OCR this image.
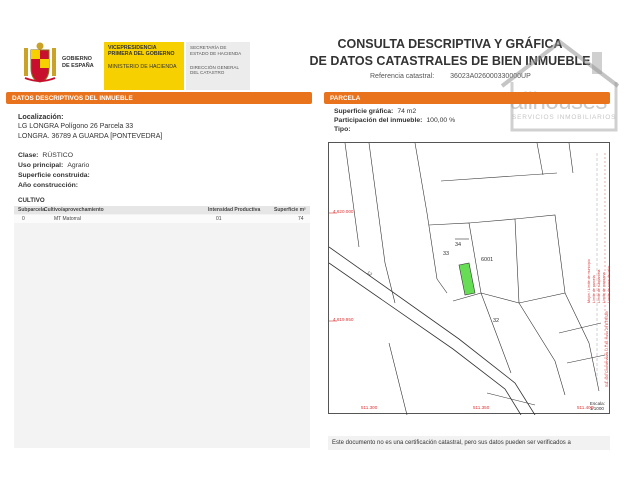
GOBIERNO DE ESPAÑA
VICEPRESIDENCIA PRIMERA DEL GOBIERNO
MINISTERIO DE HACIENDA
SECRETARÍA DE ESTADO DE HACIENDA
DIRECCIÓN GENERAL DEL CATASTRO
CONSULTA DESCRIPTIVA Y GRÁFICA
DE DATOS CATASTRALES DE BIEN INMUEBLE
Referencia catastral: 36023A026000330000UP
SERVICIOS INMOBILIARIOS
DATOS DESCRIPTIVOS DEL INMUEBLE	PARCELA
Localización:
LG LONGRA Polígono 26 Parcela 33
LONGRA. 36789 A GUARDA [PONTEVEDRA]
Clase: RÚSTICO
Uso principal: Agrario
Superficie construida:
Año construcción:
CULTIVO
Subparcela Cultivo/aprovechamiento	Intensidad Productiva	Superficie m²
0	MT Matorral	01	74
Superficie gráfica: 74 m2
Participación del inmueble: 100,00 %
Tipo:
4.620.000
4.619.950
511.300	511.350	511.400
34
33
6001
32
12	Mojón / Límite de municipio Límite de parcela Límite de subparcela Límite de manzana Límite de zona de valor
511.400 Coordenadas U.T.M. Huso 29 ETRS89
Escala:
1/1000
Este documento no es una certificación catastral, pero sus datos pueden ser verificados a
